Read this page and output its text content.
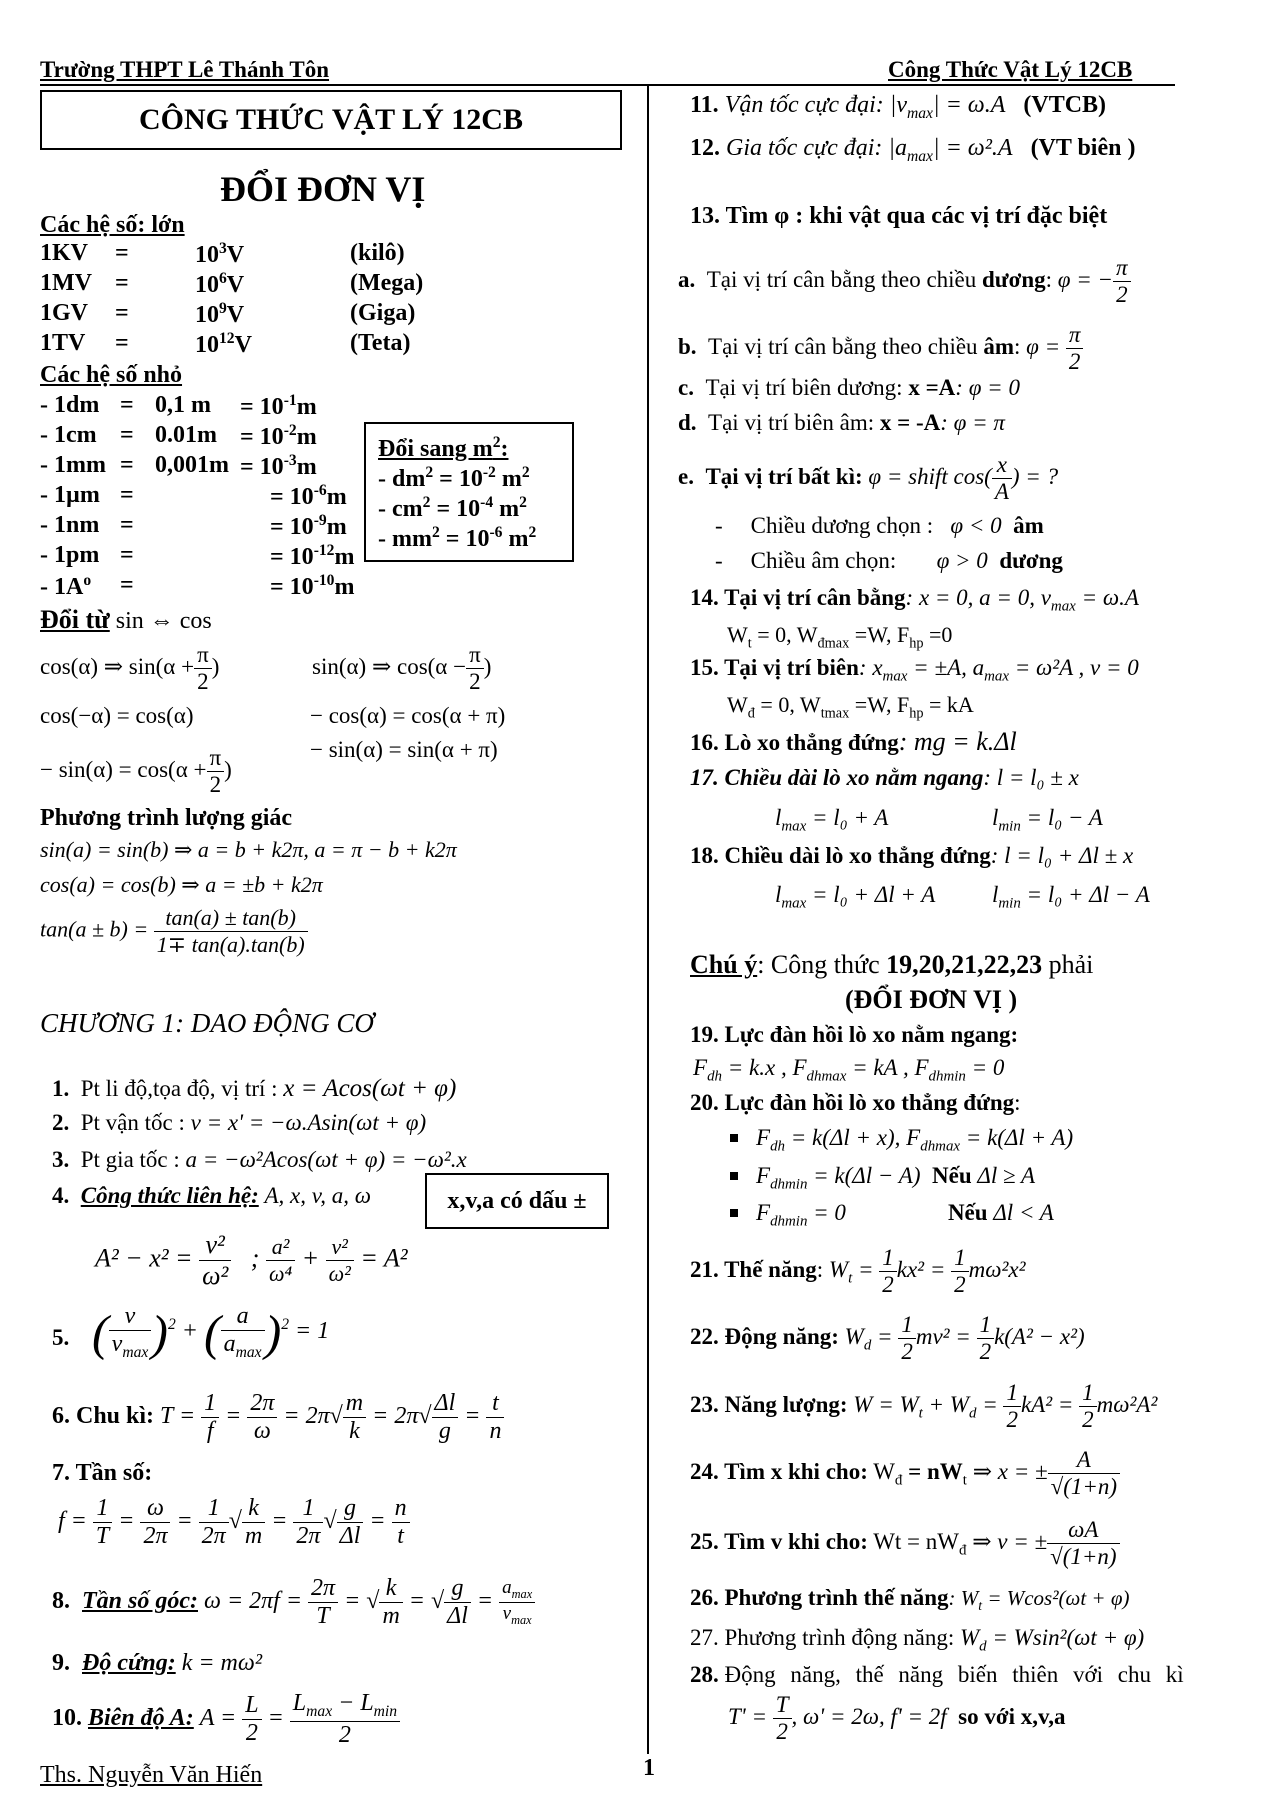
Trường THPT Lê Thánh Tôn	Công Thức Vật Lý 12CB
CÔNG THỨC VẬT LÝ 12CB
ĐỔI ĐƠN VỊ
Các hệ số: lớn
1KV =	$10^3V$	(kilô)
1MV =	$10^6V$	(Mega)
1GV =	$10^9V$	(Giga)
1TV =	$10^{12}V$	(Teta)
Các hệ số nhỏ
- 1dm = 0,1 $m = 10^{-1}m$
- $1cm = 0.01m = 10^{-2}m$
- $1mm = 0,001m = 10^{-3}m$
- 1µm =	= $10^{-6}m$
- 1nm =	= $10^{-9}m$
- 1pm =	= $10^{-12}m$
- $1A^o$ =	= $10^{-10}m$
Đổi sang $m^2$:
- $dm^2 = 10^{-2}$ $m^2$
- $cm^2 = 10^{-4}$ $m^2$
- $mm^2 = 10^{-6}$ $m^2$
Đổi từ sin ⇔ cos
cos(α) ⇒ $\sin(\alpha + \frac{\pi}{2}$ )	sin(α) ⇒ $\cos(\alpha - \frac{\pi}{2}$ )
cos(−α) = cos(α)	− cos(α) = cos(α + π)
− sin(α) = sin(α + π)
− $\sin(\alpha) = \cos(\alpha + \frac{\pi}{2}$ )
Phương trình lượng giác
sin(a) = sin(b) ⇒ a = b + k2π, a = π − b + k2π
cos(a) = cos(b) ⇒ a = ±b + k2π
$\tan(a \pm b) = \frac{\tan(a) \pm \tan(b)}{1\mp \tan(a).\tan(b)}$
CHƯƠNG 1: DAO ĐỘNG CƠ
1. Pt li độ,tọa độ, vị trí : x = Acos(ωt + φ)
2. Pt vận tốc : v = x' = −ω.Asin(ωt + φ)
3. Pt gia tốc : a = −ω²Acos(ωt + φ) = −ω².x
4. Công thức liên hệ: A, x, v, a, ω	x,v,a có dấu ±
$A^2 - x^2 = \frac{\text{v²}}{\text{ω²}}$ ; $\frac{\text{a²}}{\text{ω⁴}} + \frac{\text{v²}}{\text{ω²}} = A^2$
5. ( $\frac{v}{v_{max}} )^2$ + ( $\frac{a}{a_{max}} )^2 = 1$
6. Chu kì: $T = \frac{1}{f} = \frac{2\pi}{\omega} = 2\pi√ \frac{m}{k} = 2\pi√ \frac{\Delta l}{g} = \frac{t}{n}$
7. Tần số:
$f = \frac{1}{T} = \frac{\omega}{2\pi} = \frac{1}{2\pi}$ √ $\frac{k}{m} = \frac{1}{2\pi}$ √ $\frac{g}{\Delta l} = \frac{n}{t}$
8. Tần số góc: $\omega = 2\pi f = \frac{2\pi}{T}$ = √ $\frac{k}{m}$ = √ $\frac{g}{\Delta l} = \frac{a_{max}}{v_{max}}$
9. Độ cứng: k = mω²
10. Biên độ A: $A = \frac{L}{2} = \frac{L_{max} - L_{min}}{2}$
Ths. Nguyễn Văn Hiến	1
11. Vận tốc cực đại: $|v_{max}| = \omega.A$ (VTCB)
12. Gia tốc cực đại: $|a_{max}| = \omega^2.A$ (VT biên )
13. Tìm φ : khi vật qua các vị trí đặc biệt
a. Tại vị trí cân bằng theo chiều dương: φ = − $\frac{\pi}{2}$
b. Tại vị trí cân bằng theo chiều âm: $\varphi = \frac{\pi}{2}$
c. Tại vị trí biên dương: x =A: φ = 0
d. Tại vị trí biên âm: x = -A: φ = π
e. Tại vị trí bất kì: φ = shift $\cos( \frac{x}{A}$ ) = ?
- Chiều dương chọn : φ < 0 âm
- Chiều âm chọn: φ > 0 dương
14. Tại vị trí cân bằng: x = 0, a = 0, $v_{max} = \omega.A$
$W_t = 0$, $W_{đmax} =W$, $F_{hp} =0$
15. Tại vị trí biên: $x_{max} = \pm A$, $a_{max} = \omega^2A$ , v = 0
$W_đ = 0$, $W_{tmax} =W$, $F_{hp}$ = kA
16. Lò xo thẳng đứng: mg = k.Δl
17. Chiều dài lò xo nằm ngang: l = l₀ ± x
$l_{max} = l_0 + A$	$l_{min} = l_0 - A$
18. Chiều dài lò xo thẳng đứng: l = l₀ + Δl ± x
$l_{max} = l_0 + \Delta l + A$ $l_{min} = l_0 + \Delta l - A$
Chú ý: Công thức 19,20,21,22,23 phải
(ĐỔI ĐƠN VỊ )
19. Lực đàn hồi lò xo nằm ngang:
$F_{dh} = k.x$ , $F_{dhmax}$ = kA , $F_{dhmin} = 0$
20. Lực đàn hồi lò xo thẳng đứng:
$F_{dh} = k(\Delta l + x)$, $F_{dhmax} = k(\Delta l + A)$
$F_{dhmin} = k(\Delta l - A)$ Nếu Δl ≥ A
$F_{dhmin} = 0$	Nếu Δl < A
21. Thế năng: $W_t = \frac{1}{2} kx^2 = \frac{1}{2} m\omega^2x^2$
22. Động năng: $W_d = \frac{1}{2} mv^2 = \frac{1}{2} k(A^2 - x^2)$
23. Năng lượng: $W = W_t + W_d = \frac{1}{2} kA^2 = \frac{1}{2} m\omega^2A^2$
24. Tìm x khi cho: $W_đ = nW_t$ ⇒ x = ± $\frac{A}{√(1+n)}$
25. Tìm v khi cho: $Wt = nW_đ$ ⇒ v = ± $\frac{\omega A}{√(1+n)}$
26. Phương trình thế năng: $W_t = Wcos^2(\omega t + \varphi)$
27. Phương trình động năng: $W_d = Wsin^2(\omega t + \varphi)$
28. Động năng, thế năng biến thiên với chu kì
$T' = \frac{T}{2}$ , ω' = 2ω, f' = 2f so với x,v,a
